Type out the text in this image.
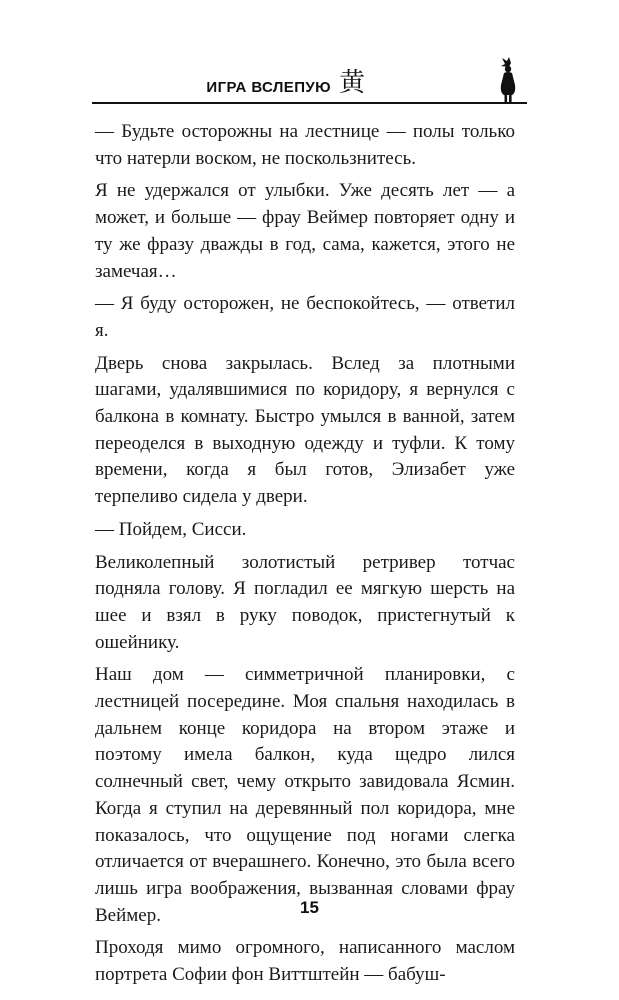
ИГРА ВСЛЕПУЮ 黄

— Будьте осторожны на лестнице — полы только что натерли воском, не поскользнитесь.

Я не удержался от улыбки. Уже десять лет — а может, и больше — фрау Веймер повторяет одну и ту же фразу дважды в год, сама, кажется, этого не замечая…

— Я буду осторожен, не беспокойтесь, — ответил я.

Дверь снова закрылась. Вслед за плотными шагами, удалявшимися по коридору, я вернулся с балкона в комнату. Быстро умылся в ванной, затем переоделся в выходную одежду и туфли. К тому времени, когда я был готов, Элизабет уже терпеливо сидела у двери.

— Пойдем, Сисси.

Великолепный золотистый ретривер тотчас подняла голову. Я погладил ее мягкую шерсть на шее и взял в руку поводок, пристегнутый к ошейнику.

Наш дом — симметричной планировки, с лестницей посередине. Моя спальня находилась в дальнем конце коридора на втором этаже и поэтому имела балкон, куда щедро лился солнечный свет, чему открыто завидовала Ясмин. Когда я ступил на деревянный пол коридора, мне показалось, что ощущение под ногами слегка отличается от вчерашнего. Конечно, это была всего лишь игра воображения, вызванная словами фрау Веймер.

Проходя мимо огромного, написанного маслом портрета Софии фон Виттштейн — бабуш-

15
